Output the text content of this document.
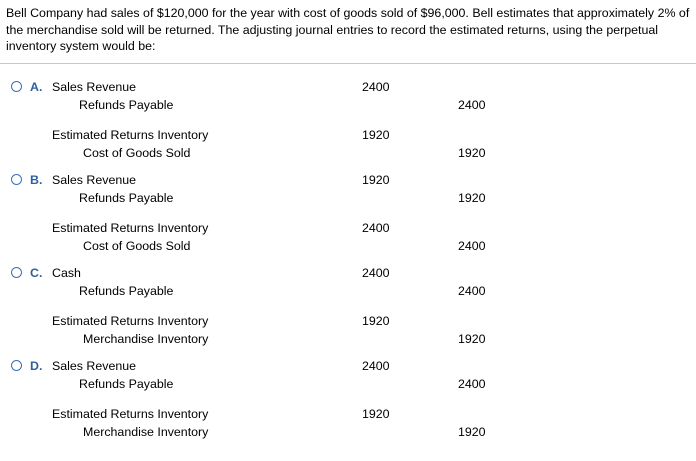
Bell Company had sales of $120,000 for the year with cost of goods sold of $96,000. Bell estimates that approximately 2% of the merchandise sold will be returned. The adjusting journal entries to record the estimated returns, using the perpetual inventory system would be:

A. Sales Revenue	2400
Refunds Payable	2400
Estimated Returns Inventory	1920
Cost of Goods Sold	1920
B. Sales Revenue	1920
Refunds Payable	1920
Estimated Returns Inventory	2400
Cost of Goods Sold	2400
C. Cash	2400
Refunds Payable	2400
Estimated Returns Inventory	1920
Merchandise Inventory	1920
D. Sales Revenue	2400
Refunds Payable	2400
Estimated Returns Inventory	1920
Merchandise Inventory	1920
